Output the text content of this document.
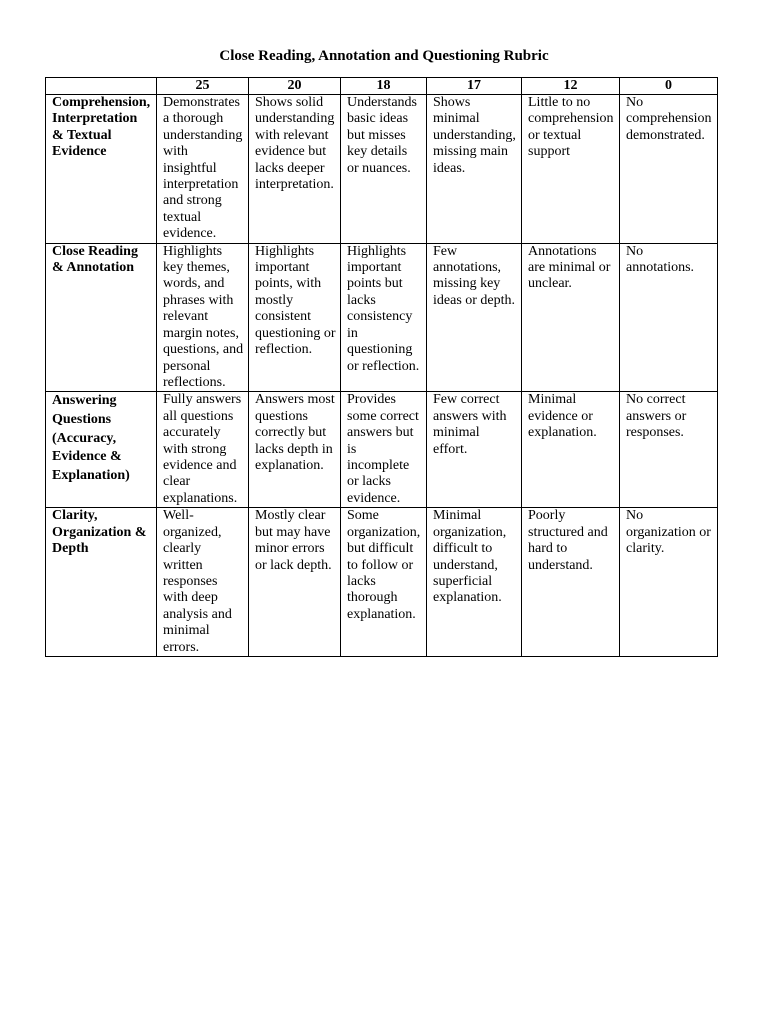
Close Reading, Annotation and Questioning Rubric
	25	20	18	17	12	0
Comprehension, Interpretation & Textual Evidence	Demonstrates a thorough understanding with insightful interpretation and strong textual evidence.	Shows solid understanding with relevant evidence but lacks deeper interpretation.	Understands basic ideas but misses key details or nuances.	Shows minimal understanding, missing main ideas.	Little to no comprehension or textual support	No comprehension demonstrated.
Close Reading & Annotation	Highlights key themes, words, and phrases with relevant margin notes, questions, and personal reflections.	Highlights important points, with mostly consistent questioning or reflection.	Highlights important points but lacks consistency in questioning or reflection.	Few annotations, missing key ideas or depth.	Annotations are minimal or unclear.	No annotations.
Answering Questions (Accuracy, Evidence & Explanation)	Fully answers all questions accurately with strong evidence and clear explanations.	Answers most questions correctly but lacks depth in explanation.	Provides some correct answers but is incomplete or lacks evidence.	Few correct answers with minimal effort.	Minimal evidence or explanation.	No correct answers or responses.
Clarity, Organization & Depth	Well-organized, clearly written responses with deep analysis and minimal errors.	Mostly clear but may have minor errors or lack depth.	Some organization, but difficult to follow or lacks thorough explanation.	Minimal organization, difficult to understand, superficial explanation.	Poorly structured and hard to understand.	No organization or clarity.
